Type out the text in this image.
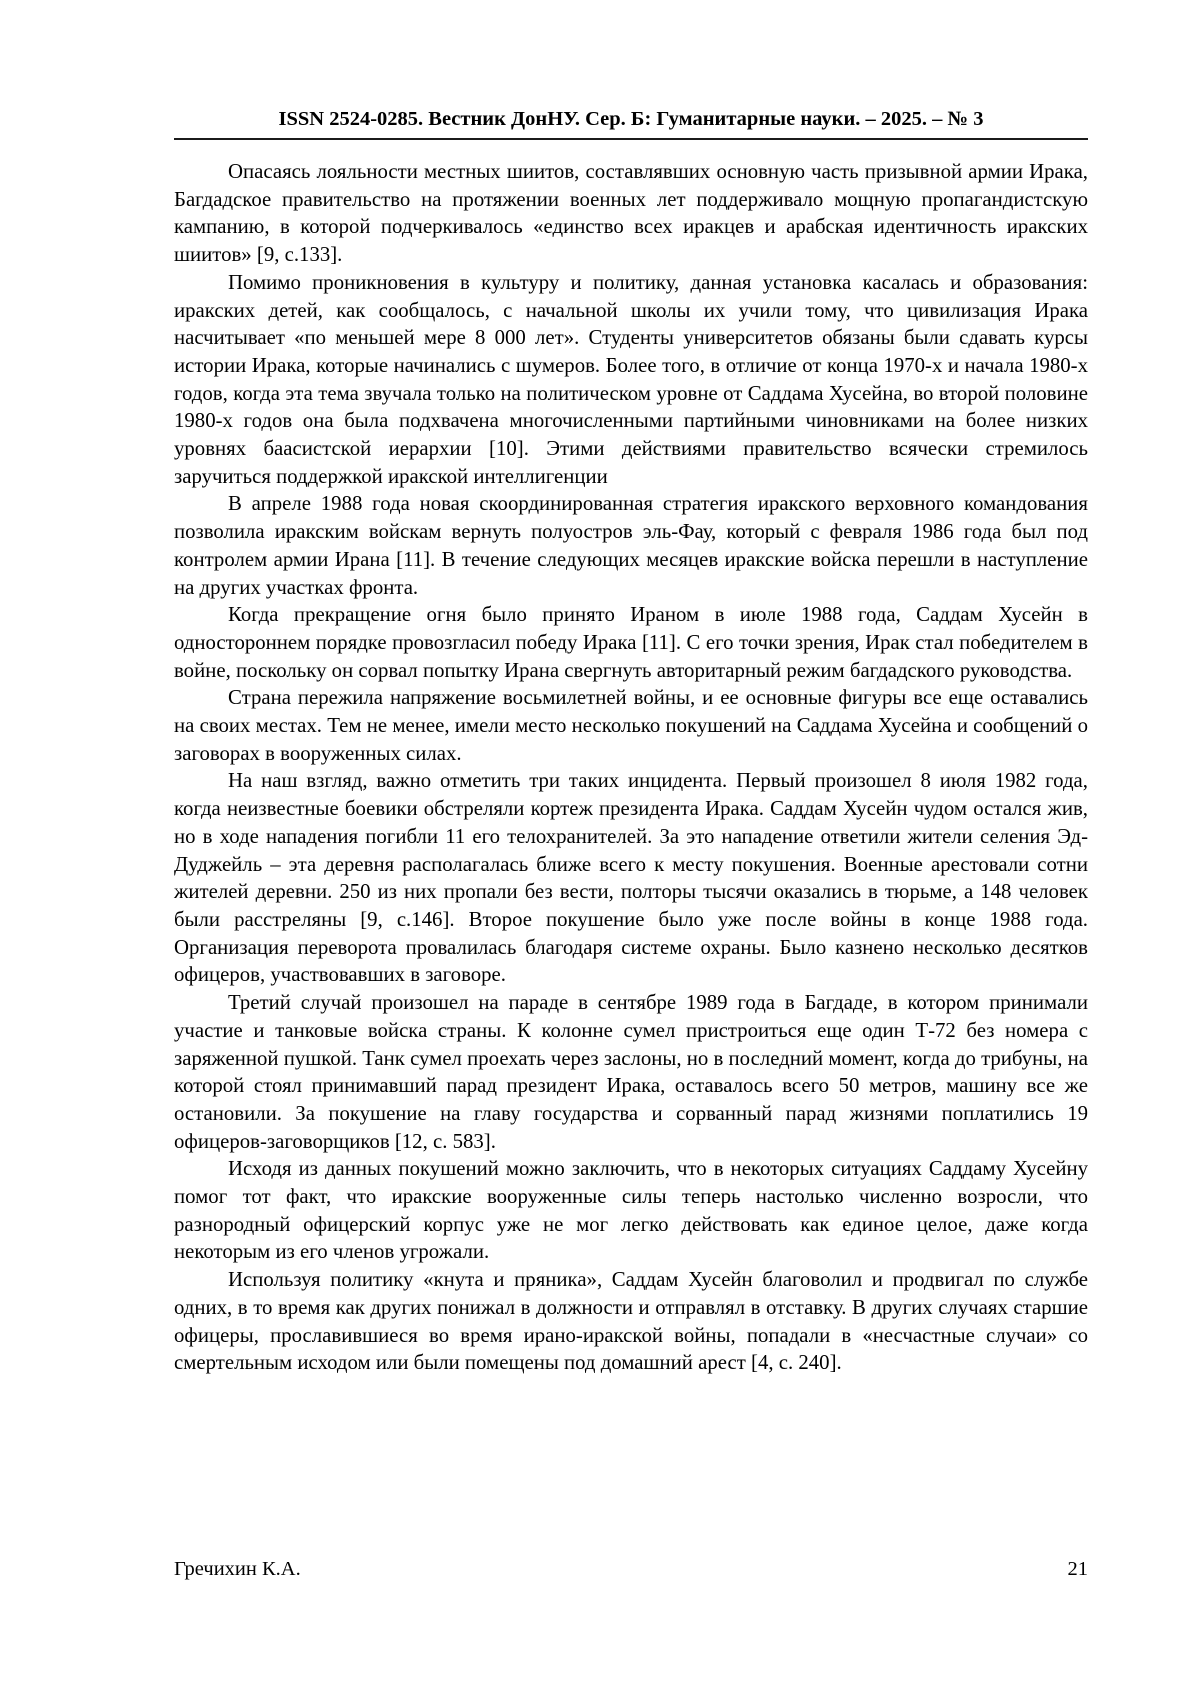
ISSN 2524-0285. Вестник ДонНУ. Сер. Б: Гуманитарные науки. – 2025. – № 3

Опасаясь лояльности местных шиитов, составлявших основную часть призывной армии Ирака, Багдадское правительство на протяжении военных лет поддерживало мощную пропагандистскую кампанию, в которой подчеркивалось «единство всех иракцев и арабская идентичность иракских шиитов» [9, с.133].

Помимо проникновения в культуру и политику, данная установка касалась и образования: иракских детей, как сообщалось, с начальной школы их учили тому, что цивилизация Ирака насчитывает «по меньшей мере 8 000 лет». Студенты университетов обязаны были сдавать курсы истории Ирака, которые начинались с шумеров. Более того, в отличие от конца 1970-х и начала 1980-х годов, когда эта тема звучала только на политическом уровне от Саддама Хусейна, во второй половине 1980-х годов она была подхвачена многочисленными партийными чиновниками на более низких уровнях баасистской иерархии [10]. Этими действиями правительство всячески стремилось заручиться поддержкой иракской интеллигенции

В апреле 1988 года новая скоординированная стратегия иракского верховного командования позволила иракским войскам вернуть полуостров эль-Фау, который с февраля 1986 года был под контролем армии Ирана [11]. В течение следующих месяцев иракские войска перешли в наступление на других участках фронта.

Когда прекращение огня было принято Ираном в июле 1988 года, Саддам Хусейн в одностороннем порядке провозгласил победу Ирака [11]. С его точки зрения, Ирак стал победителем в войне, поскольку он сорвал попытку Ирана свергнуть авторитарный режим багдадского руководства.

Страна пережила напряжение восьмилетней войны, и ее основные фигуры все еще оставались на своих местах. Тем не менее, имели место несколько покушений на Саддама Хусейна и сообщений о заговорах в вооруженных силах.

На наш взгляд, важно отметить три таких инцидента. Первый произошел 8 июля 1982 года, когда неизвестные боевики обстреляли кортеж президента Ирака. Саддам Хусейн чудом остался жив, но в ходе нападения погибли 11 его телохранителей. За это нападение ответили жители селения Эд-Дуджейль – эта деревня располагалась ближе всего к месту покушения. Военные арестовали сотни жителей деревни. 250 из них пропали без вести, полторы тысячи оказались в тюрьме, а 148 человек были расстреляны [9, с.146]. Второе покушение было уже после войны в конце 1988 года. Организация переворота провалилась благодаря системе охраны. Было казнено несколько десятков офицеров, участвовавших в заговоре.

Третий случай произошел на параде в сентябре 1989 года в Багдаде, в котором принимали участие и танковые войска страны. К колонне сумел пристроиться еще один Т-72 без номера с заряженной пушкой. Танк сумел проехать через заслоны, но в последний момент, когда до трибуны, на которой стоял принимавший парад президент Ирака, оставалось всего 50 метров, машину все же остановили. За покушение на главу государства и сорванный парад жизнями поплатились 19 офицеров-заговорщиков [12, с. 583].

Исходя из данных покушений можно заключить, что в некоторых ситуациях Саддаму Хусейну помог тот факт, что иракские вооруженные силы теперь настолько численно возросли, что разнородный офицерский корпус уже не мог легко действовать как единое целое, даже когда некоторым из его членов угрожали.

Используя политику «кнута и пряника», Саддам Хусейн благоволил и продвигал по службе одних, в то время как других понижал в должности и отправлял в отставку. В других случаях старшие офицеры, прославившиеся во время ирано-иракской войны, попадали в «несчастные случаи» со смертельным исходом или были помещены под домашний арест [4, с. 240].

Гречихин К.А.	21
